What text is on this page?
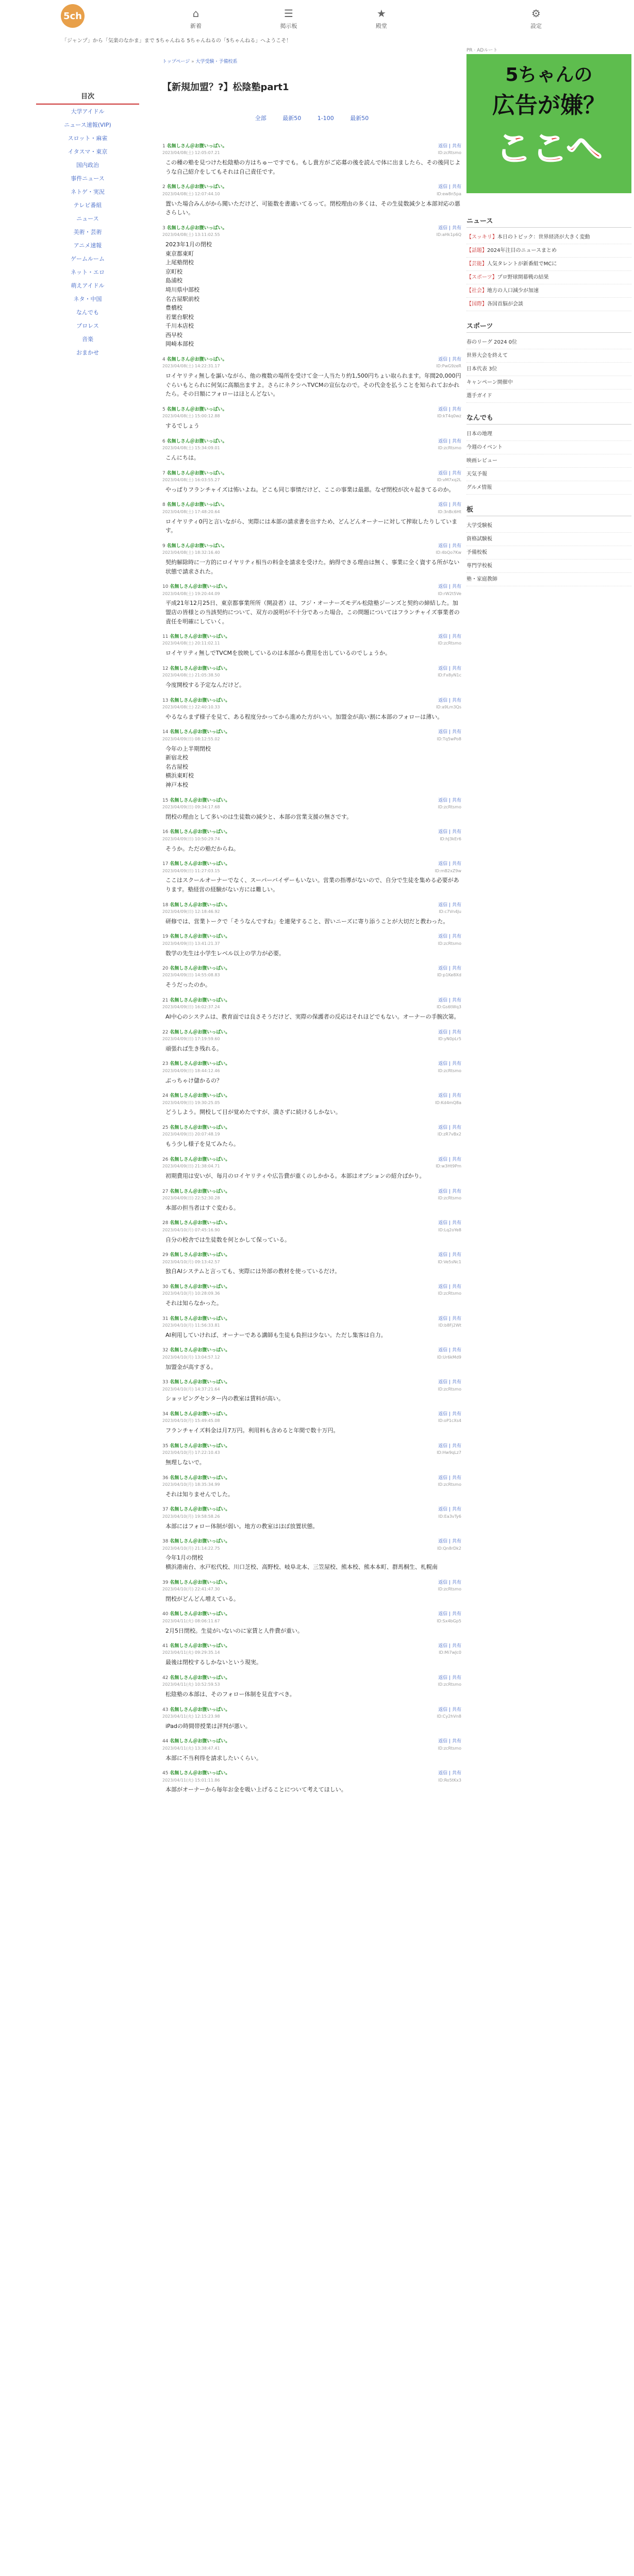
5ch	⌂
新着
☰
掲示板
★
殿堂
⚙
設定
「ジャンプ」から「気楽のなかま」まで 5ちゃんねる 5ちゃんねるの「5ちゃんねる」へようこそ！
PR · ADルート
5ちゃんの
広告が嫌？
ここへ
目次
大学アイドル
ニュース速報(VIP)
スロット・麻雀
イタスマ・東京
国内政治
事件ニュース
ネトゲ・実況
テレビ番組
ニュース
美術・芸術
アニメ速報
ゲームルーム
ネット・エロ
萌えアイドル
ネタ・中国
なんでも
プロレス
音楽
おまかせ
トップページ » 大学受験・予備校系
【新規加盟？?】松陰塾part1
全部	最新50	1-100	最新50
1 名無しさん＠お腹いっぱい。	返信 | 共有
2023/04/08(土) 12:05:07.21	ID:zcRtsmo
この種の塾を見つけた松陰塾の方はちゅーですでも。もし貴方がご応募の後を読んで体に出ましたら、その後同じような自己紹介をしてもそれは自己責任です。
2 名無しさん＠お腹いっぱい。	返信 | 共有
2023/04/08(土) 12:07:44.10	ID:ew8n5pa
置いた場合みんがから聞いただけど、可能数を書適いてるって。閉校理由の多くは、その生徒数減少と本部対応の悪さらしい。
3 名無しさん＠お腹いっぱい。	返信 | 共有
2023/04/08(土) 13:11:02.55	ID:aHk1p6Q
2023年1月の閉校
東京都東町
上尾塾閉校
京町校
島浦校
埼川県中部校
名古屋駅前校
豊橋校
若葉台駅校
千川本店校
西早校
岡崎本部校
4 名無しさん＠お腹いっぱい。	返信 | 共有
2023/04/08(土) 14:22:31.17	ID:PwG9zeR
ロイヤリティ無しを謳いながら、他の複数の場所を受けて金一人当たり約1,500円ちょい取られます。年間20,000円ぐらいもとられに何気に高額出ますよ。さらにネクシヘTVCMの宣伝なので。その代金を払うことを知られておかれたら。その日額にフォローはほとんどない。
5 名無しさん＠お腹いっぱい。	返信 | 共有
2023/04/08(土) 15:00:12.88	ID:kT4q0wz
するでしょう
6 名無しさん＠お腹いっぱい。	返信 | 共有
2023/04/08(土) 15:34:09.01	ID:zcRtsmo
こんにちは。
7 名無しさん＠お腹いっぱい。	返信 | 共有
2023/04/08(土) 16:03:55.27	ID:vM7xq2L
やっぱりフランチャイズは怖いよね。どこも同じ事情だけど、ここの事業は最悪。なぜ閉校が次々起きてるのか。
8 名無しさん＠お腹いっぱい。	返信 | 共有
2023/04/08(土) 17:48:20.64	ID:3nBc6Ht
ロイヤリティ0円と言いながら、実際には本部の請求書を出すため、どんどんオーナーに対して搾取したりしています。
9 名無しさん＠お腹いっぱい。	返信 | 共有
2023/04/08(土) 18:32:16.40	ID:4bQo7Kw
契約解除時に一方的にロイヤリティ相当の料金を請求を受けた。納得できる理由は無く、事業に全く資する所がない状態で請求された。
10 名無しさん＠お腹いっぱい。	返信 | 共有
2023/04/08(土) 19:20:44.09	ID:rW2t5Ve
平成21年12月25日、東京都事業所所（開設者）は、フジ・オーナーズモデル松陰塾ジーンズと契約の締結した。加盟店の皆様との当該契約について、双方の説明が不十分であった場合。この問題についてはフランチャイズ事業者の責任を明確にしていく。
11 名無しさん＠お腹いっぱい。	返信 | 共有
2023/04/08(土) 20:11:02.11	ID:zcRtsmo
ロイヤリティ無しでTVCMを放映しているのは本部から費用を出しているのでしょうか。
12 名無しさん＠お腹いっぱい。	返信 | 共有
2023/04/08(土) 21:05:38.50	ID:Fx8yN1c
今度開校する予定なんだけど。
13 名無しさん＠お腹いっぱい。	返信 | 共有
2023/04/08(土) 22:40:10.33	ID:a9Lm3Qs
やるならまず様子を見て、ある程度分かってから進めた方がいい。加盟金が高い割に本部のフォローは薄い。
14 名無しさん＠お腹いっぱい。	返信 | 共有
2023/04/09(日) 08:12:55.02	ID:Tq5wPo8
今年の上半期閉校
新宿北校
名古屋校
横浜東町校
神戸本校
15 名無しさん＠お腹いっぱい。	返信 | 共有
2023/04/09(日) 09:34:17.68	ID:zcRtsmo
閉校の理由として多いのは生徒数の減少と、本部の営業支援の無さです。
16 名無しさん＠お腹いっぱい。	返信 | 共有
2023/04/09(日) 10:50:29.74	ID:hJ3kEr6
そうか。ただの塾だからね。
17 名無しさん＠お腹いっぱい。	返信 | 共有
2023/04/09(日) 11:27:03.15	ID:mB2xZ9w
ここはスクールオーナーでなく、スーパーバイザーもいない。営業の指導がないので、自分で生徒を集める必要があります。塾経営の経験がない方には難しい。
18 名無しさん＠お腹いっぱい。	返信 | 共有
2023/04/09(日) 12:18:46.92	ID:c7Vn4Ju
研修では、営業トークで「そうなんですね」を連発すること、習いニーズに寄り添うことが大切だと教わった。
19 名無しさん＠お腹いっぱい。	返信 | 共有
2023/04/09(日) 13:41:21.37	ID:zcRtsmo
数学の先生は小学生レベル以上の学力が必要。
20 名無しさん＠お腹いっぱい。	返信 | 共有
2023/04/09(日) 14:55:08.83	ID:p1Ke8Xd
そうだったのか。
21 名無しさん＠お腹いっぱい。	返信 | 共有
2023/04/09(日) 16:02:37.24	ID:Gs6tWq3
AI中心のシステムは、教育面では良さそうだけど、実際の保護者の反応はそれほどでもない。オーナーの手腕次第。
22 名無しさん＠お腹いっぱい。	返信 | 共有
2023/04/09(日) 17:19:59.60	ID:yN0pLr5
頑張れば生き残れる。
23 名無しさん＠お腹いっぱい。	返信 | 共有
2023/04/09(日) 18:44:12.46	ID:zcRtsmo
ぶっちゃけ儲かるの？
24 名無しさん＠お腹いっぱい。	返信 | 共有
2023/04/09(日) 19:30:25.05	ID:Kd4mQ8a
どうしよう。開校して目が覚めたですが、潰さずに続けるしかない。
25 名無しさん＠お腹いっぱい。	返信 | 共有
2023/04/09(日) 20:07:48.19	ID:zR7vBx2
もう少し様子を見てみたら。
26 名無しさん＠お腹いっぱい。	返信 | 共有
2023/04/09(日) 21:38:04.71	ID:w3Ht9Pm
初期費用は安いが、毎月のロイヤリティや広告費が重くのしかかる。本部はオプションの紹介ばかり。
27 名無しさん＠お腹いっぱい。	返信 | 共有
2023/04/09(日) 22:52:30.28	ID:zcRtsmo
本部の担当者はすぐ変わる。
28 名無しさん＠お腹いっぱい。	返信 | 共有
2023/04/10(月) 07:45:16.90	ID:Lq2oYe8
自分の校舎では生徒数を何とかして保っている。
29 名無しさん＠お腹いっぱい。	返信 | 共有
2023/04/10(月) 09:13:42.57	ID:Ve5sNc1
独自AIシステムと言っても、実際には外部の教材を使っているだけ。
30 名無しさん＠お腹いっぱい。	返信 | 共有
2023/04/10(月) 10:28:09.36	ID:zcRtsmo
それは知らなかった。
31 名無しさん＠お腹いっぱい。	返信 | 共有
2023/04/10(月) 11:56:33.81	ID:b8Fj2Wt
AI利用していければ、オーナーである講師も生徒も負担は少ない。ただし集客は自力。
32 名無しさん＠お腹いっぱい。	返信 | 共有
2023/04/10(月) 13:04:57.12	ID:Ur6kMd9
加盟金が高すぎる。
33 名無しさん＠お腹いっぱい。	返信 | 共有
2023/04/10(月) 14:37:21.64	ID:zcRtsmo
ショッピングセンター内の教室は賃料が高い。
34 名無しさん＠お腹いっぱい。	返信 | 共有
2023/04/10(月) 15:49:45.08	ID:oP1cXs4
フランチャイズ料金は月7万円。利用料も含めると年間で数十万円。
35 名無しさん＠お腹いっぱい。	返信 | 共有
2023/04/10(月) 17:22:10.43	ID:Hw9qLz7
無理しないで。
36 名無しさん＠お腹いっぱい。	返信 | 共有
2023/04/10(月) 18:35:34.99	ID:zcRtsmo
それは知りませんでした。
37 名無しさん＠お腹いっぱい。	返信 | 共有
2023/04/10(月) 19:58:58.26	ID:Ea3vTy6
本部にはフォロー体制が弱い。地方の教室はほぼ放置状態。
38 名無しさん＠お腹いっぱい。	返信 | 共有
2023/04/10(月) 21:14:22.75	ID:Qn8rDk2
今年1月の閉校
横浜港南台、水戸松代校、川口芝校、高野校、岐阜北本、三笠屋校、熊本校、熊本本町、群馬桐生、札幌南
39 名無しさん＠お腹いっぱい。	返信 | 共有
2023/04/10(月) 22:41:47.30	ID:zcRtsmo
閉校がどんどん増えている。
40 名無しさん＠お腹いっぱい。	返信 | 共有
2023/04/11(火) 08:06:11.67	ID:Sx4bGp5
2月5日閉校。生徒がいないのに家賃と人件費が重い。
41 名無しさん＠お腹いっぱい。	返信 | 共有
2023/04/11(火) 09:29:35.14	ID:Mi7wJc0
最後は閉校するしかないという現実。
42 名無しさん＠お腹いっぱい。	返信 | 共有
2023/04/11(火) 10:52:59.53	ID:zcRtsmo
松陰塾の本部は、そのフォロー体制を見直すべき。
43 名無しさん＠お腹いっぱい。	返信 | 共有
2023/04/11(火) 12:15:23.98	ID:Cy2hVn8
iPadの時間帯授業は評判が悪い。
44 名無しさん＠お腹いっぱい。	返信 | 共有
2023/04/11(火) 13:38:47.41	ID:zcRtsmo
本部に不当利得を請求したいくらい。
45 名無しさん＠お腹いっぱい。	返信 | 共有
2023/04/11(火) 15:01:11.86	ID:Ro5tKx3
本部がオーナーから毎年お金を吸い上げることについて考えてほしい。
ニュース
【スッキリ】本日のトピック：世界経済が大きく変動
【話題】2024年注目のニュースまとめ
【芸能】人気タレントが新番組でMCに
【スポーツ】プロ野球開幕戦の結果
【社会】地方の人口減少が加速
【国際】各国首脳が会談
スポーツ
春のリーグ 2024 0位
世界大会を終えて
日本代表 3位
キャンペーン開催中
選手ガイド
なんでも
日本の地理
今週のイベント
映画レビュー
天気予報
グルメ情報
板
大学受験板
資格試験板
予備校板
専門学校板
塾・家庭教師
